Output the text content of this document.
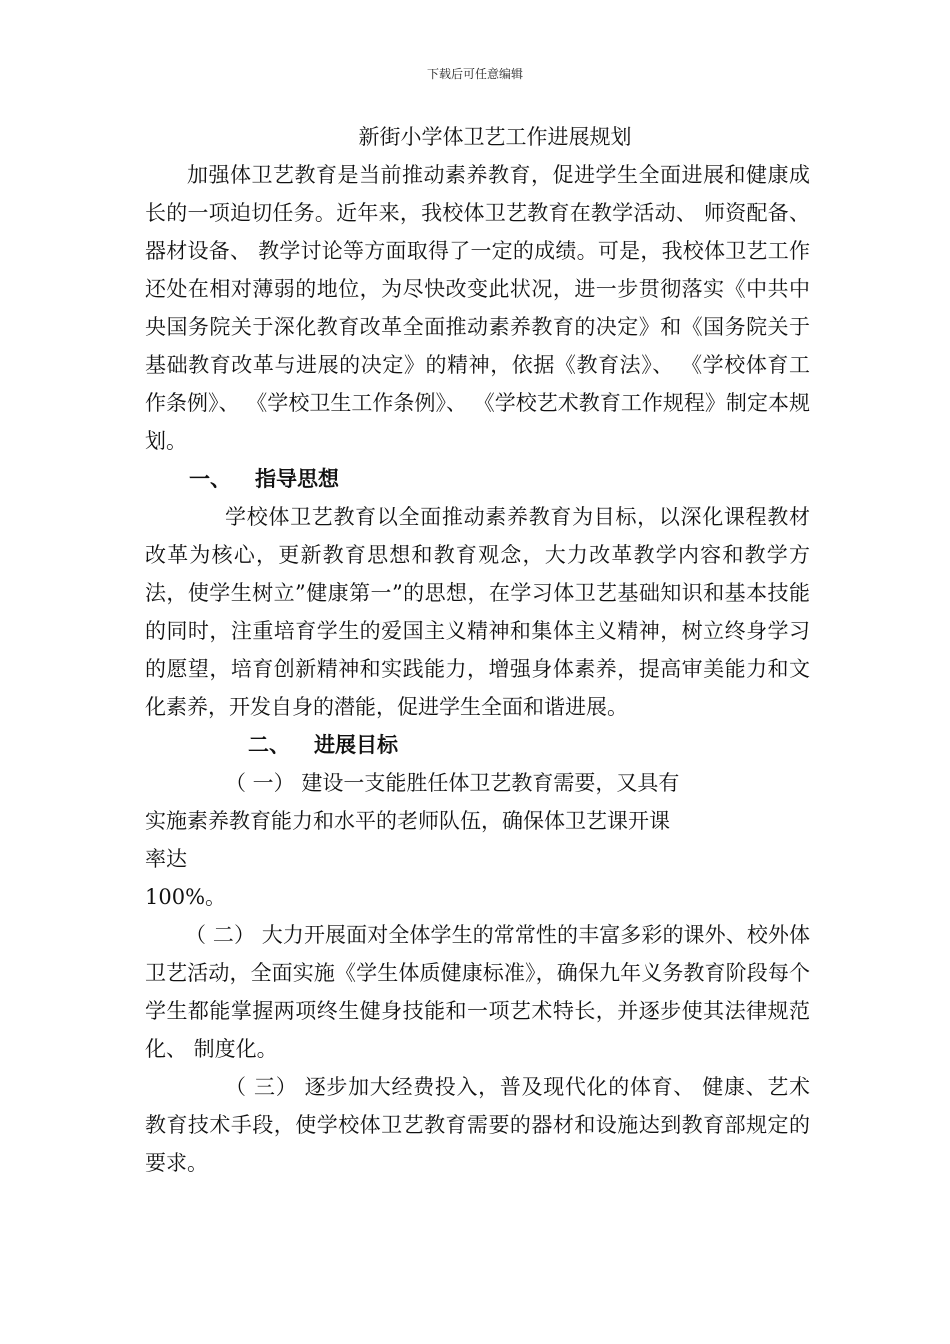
下载后可任意编辑
新街小学体卫艺工作进展规划

加强体卫艺教育是当前推动素养教育，促进学生全面进展和健康成长的一项迫切任务。近年来，我校体卫艺教育在教学活动、 师资配备、 器材设备、 教学讨论等方面取得了一定的成绩。可是，我校体卫艺工作还处在相对薄弱的地位，为尽快改变此状况，进一步贯彻落实《中共中央国务院关于深化教育改革全面推动素养教育的决定》和《国务院关于基础教育改革与进展的决定》的精神，依据《教育法》、 《学校体育工作条例》、 《学校卫生工作条例》、 《学校艺术教育工作规程》制定本规划。

一、 指导思想

学校体卫艺教育以全面推动素养教育为目标，以深化课程教材改革为核心，更新教育思想和教育观念，大力改革教学内容和教学方法，使学生树立”健康第一”的思想，在学习体卫艺基础知识和基本技能的同时，注重培育学生的爱国主义精神和集体主义精神，树立终身学习的愿望，培育创新精神和实践能力，增强身体素养，提高审美能力和文化素养，开发自身的潜能，促进学生全面和谐进展。

二、 进展目标

（ 一） 建设一支能胜任体卫艺教育需要，又具有实施素养教育能力和水平的老师队伍，确保体卫艺课开课率达

100%。

（ 二） 大力开展面对全体学生的常常性的丰富多彩的课外、校外体卫艺活动，全面实施《学生体质健康标准》，确保九年义务教育阶段每个学生都能掌握两项终生健身技能和一项艺术特长，并逐步使其法律规范化、 制度化。

（ 三） 逐步加大经费投入，普及现代化的体育、 健康、艺术教育技术手段，使学校体卫艺教育需要的器材和设施达到教育部规定的要求。
